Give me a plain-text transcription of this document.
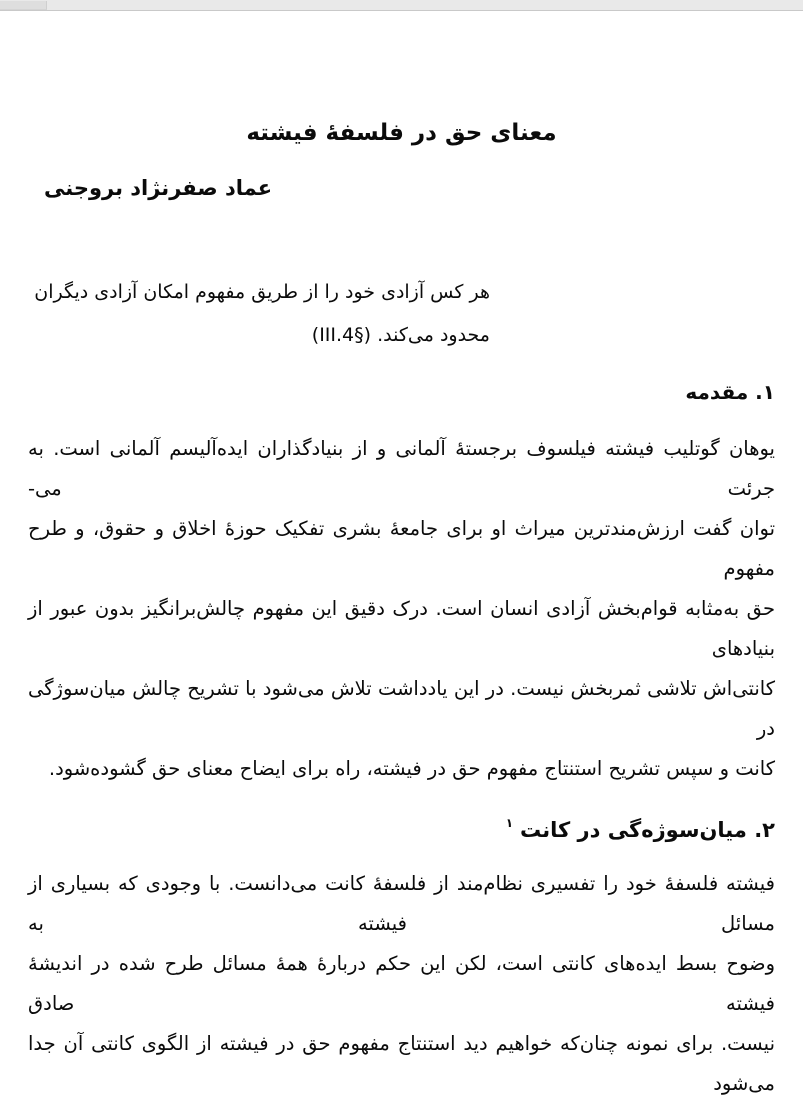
معنای حق در فلسفهٔ فیشته
عماد صفرنژاد بروجنی
هر کس آزادی خود را از طریق مفهوم امکان آزادی دیگران
محدود می‌کند. (§4.III)
۱. مقدمه
یوهان گوتلیب فیشته فیلسوف برجستهٔ آلمانی و از بنیادگذاران ایده‌آلیسم آلمانی است. به جرئت می‌-
توان گفت ارزش‌مندترین میراث او برای جامعهٔ بشری تفکیک حوزهٔ اخلاق و حقوق، و طرح مفهوم
حق به‌مثابه قوام‌بخش آزادی انسان است. درک دقیق این مفهوم چالش‌برانگیز بدون عبور از بنیادهای
کانتی‌اش تلاشی ثمربخش نیست. در این یادداشت تلاش می‌شود با تشریح چالش میان‌سوژگی در
کانت و سپس تشریح استنتاج مفهوم حق در فیشته، راه برای ایضاح معنای حق گشوده‌شود.
۲. میان‌سوژه‌گی در کانت$^۱$
فیشته فلسفهٔ خود را تفسیری نظام‌مند از فلسفهٔ کانت می‌دانست. با وجودی که بسیاری از مسائل فیشته به
وضوح بسط ایده‌های کانتی است، لکن این حکم دربارهٔ همهٔ مسائل طرح شده در اندیشهٔ فیشته صادق
نیست. برای نمونه چنان‌که خواهیم دید استنتاج مفهوم حق در فیشته از الگوی کانتی آن جدا می‌شود
